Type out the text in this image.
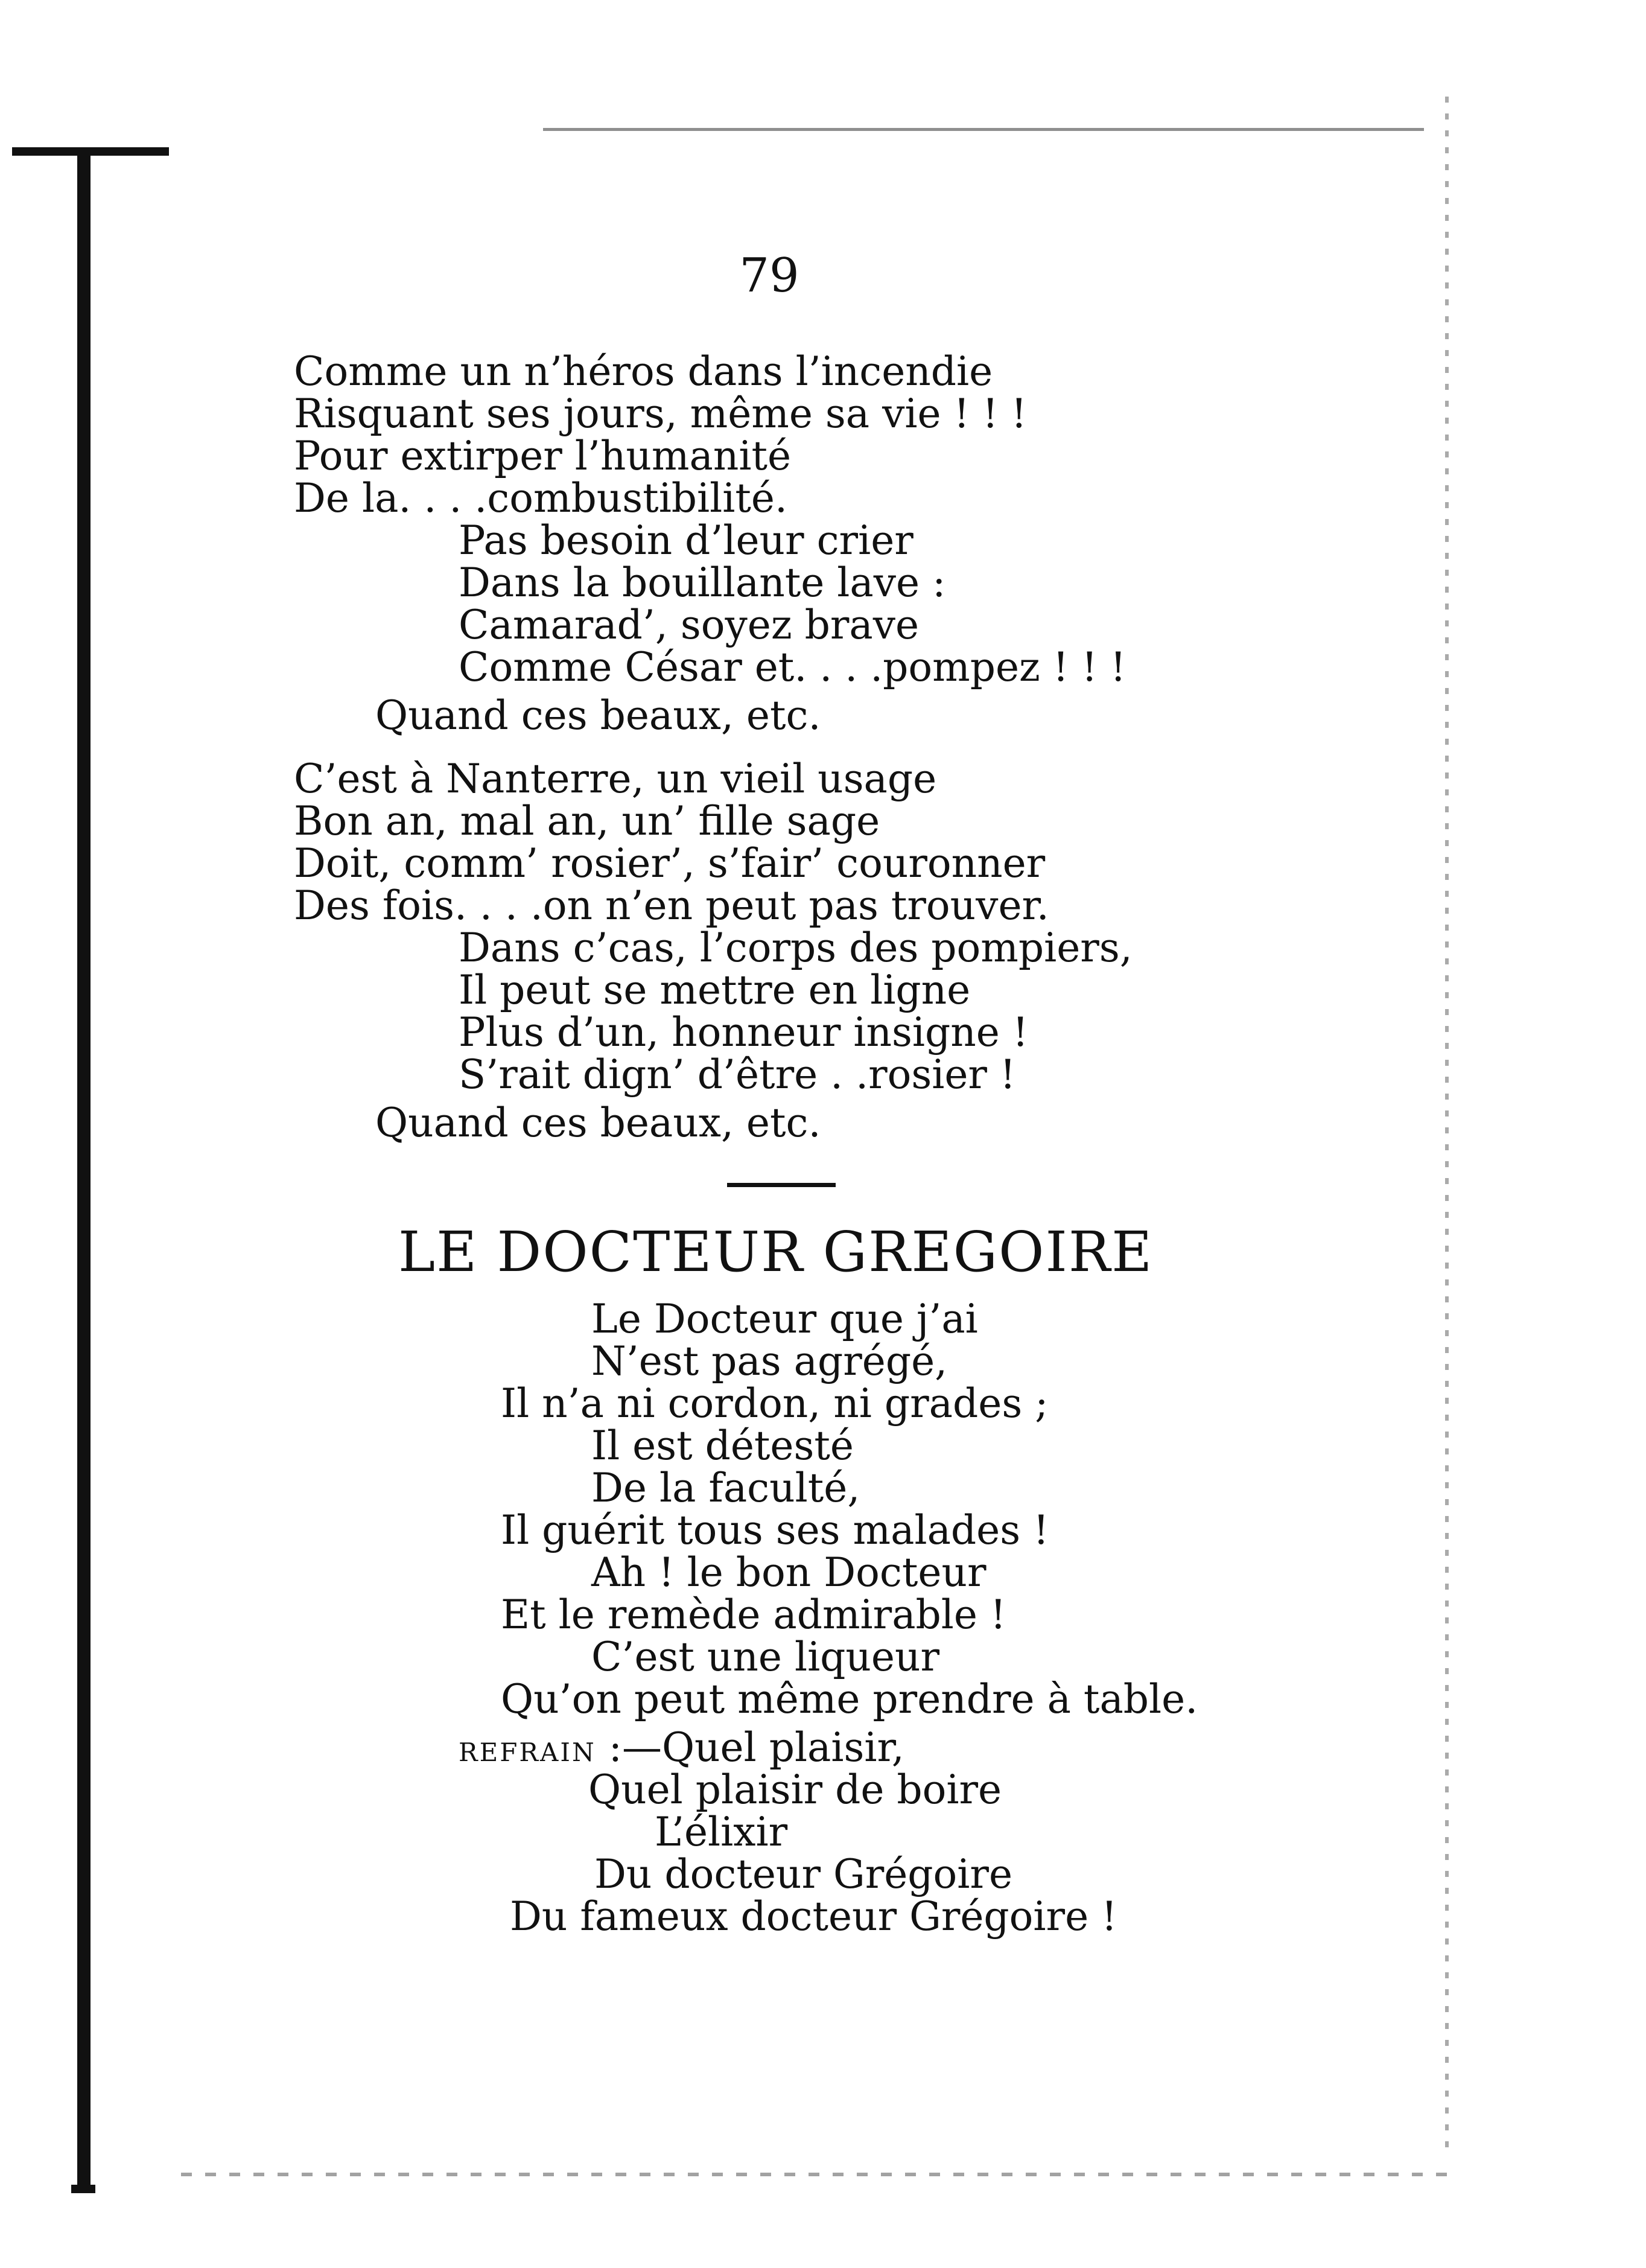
79
Comme un n’héros dans l’incendie
Risquant ses jours, même sa vie ! ! !
Pour extirper l’humanité
De la. . . .combustibilité.
Pas besoin d’leur crier
Dans la bouillante lave :
Camarad’, soyez brave
Comme César et. . . .pompez ! ! !
Quand ces beaux, etc.
C’est à Nanterre, un vieil usage
Bon an, mal an, un’ fille sage
Doit, comm’ rosier’, s’fair’ couronner
Des fois. . . .on n’en peut pas trouver.
Dans c’cas, l’corps des pompiers,
Il peut se mettre en ligne
Plus d’un, honneur insigne !
S’rait dign’ d’être . .rosier !
Quand ces beaux, etc.
LE DOCTEUR GREGOIRE
Le Docteur que j’ai
N’est pas agrégé,
Il n’a ni cordon, ni grades ;
Il est détesté
De la faculté,
Il guérit tous ses malades !
Ah ! le bon Docteur
Et le remède admirable !
C’est une liqueur
Qu’on peut même prendre à table.
REFRAIN :—Quel plaisir,
Quel plaisir de boire
L’élixir
Du docteur Grégoire
Du fameux docteur Grégoire !
